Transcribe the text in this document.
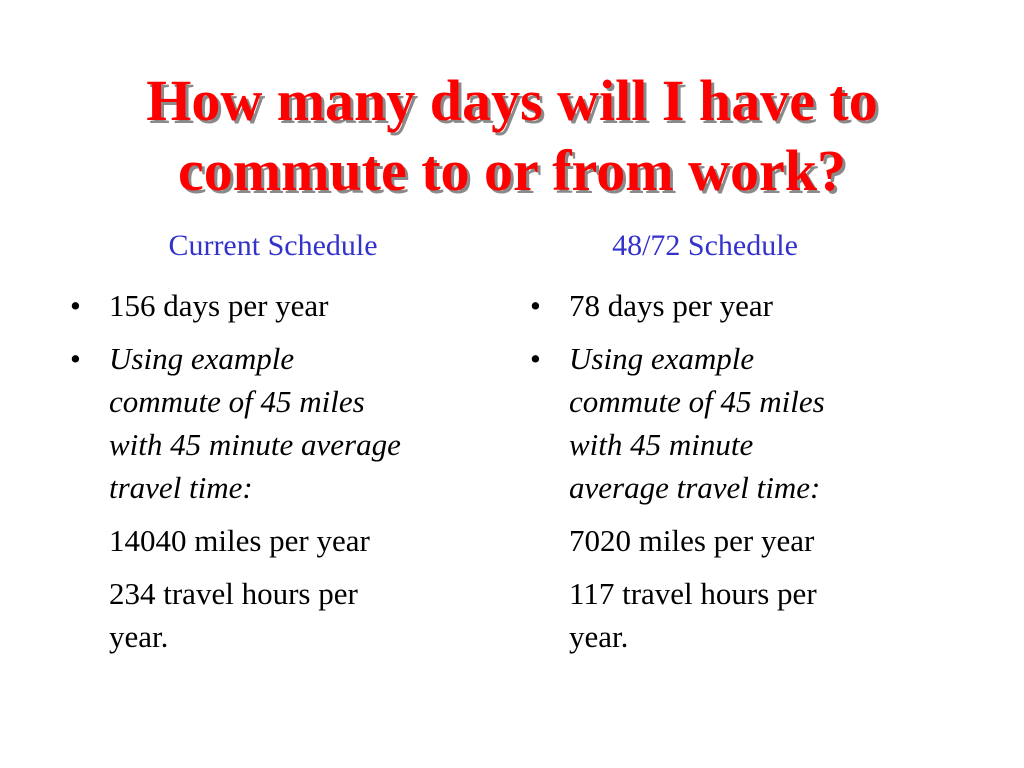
How many days will I have to
commute to or from work?
Current Schedule
• 156 days per year
• Using example
commute of 45 miles
with 45 minute average
travel time:
14040 miles per year
234 travel hours per
year.
48/72 Schedule
• 78 days per year
• Using example
commute of 45 miles
with 45 minute
average travel time:
7020 miles per year
117 travel hours per
year.
